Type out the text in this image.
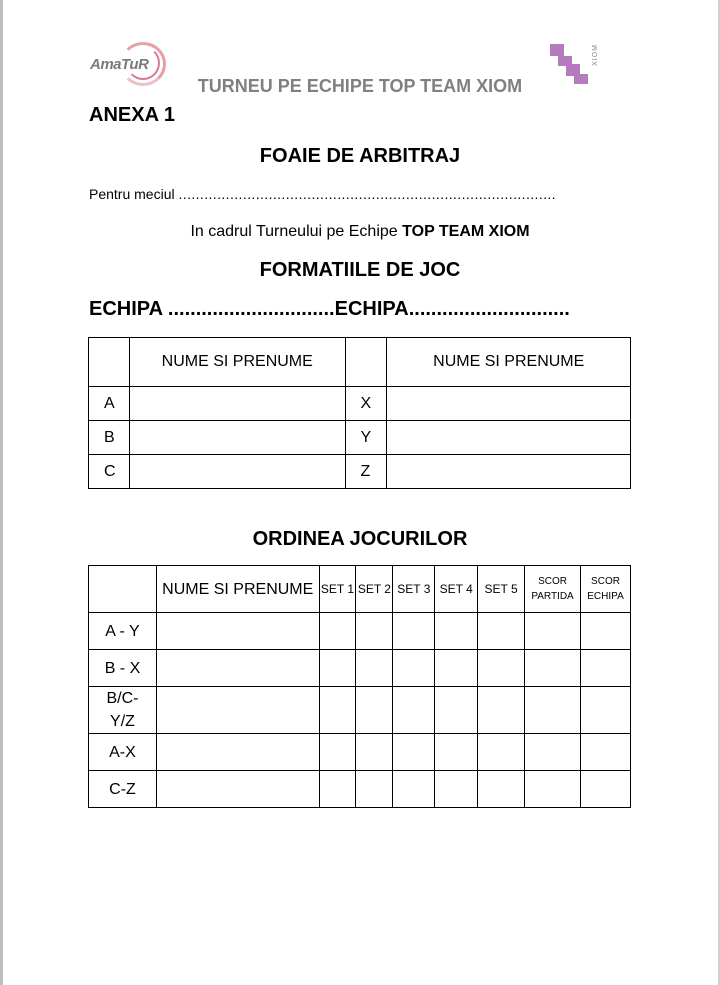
AmaTuR	XIOM
TURNEU PE ECHIPE TOP TEAM XIOM
ANEXA 1
FOAIE DE ARBITRAJ
Pentru meciul ........................................................................................
In cadrul Turneului pe Echipe TOP TEAM XIOM
FORMATIILE DE JOC
ECHIPA ..............................ECHIPA.............................
	NUME SI PRENUME		NUME SI PRENUME
A		X	
B		Y	
C		Z	
ORDINEA JOCURILOR
	NUME SI PRENUME	SET 1	SET 2	SET 3	SET 4	SET 5	SCOR PARTIDA	SCOR ECHIPA
A - Y								
B - X								
B/C-Y/Z								
A-X								
C-Z								
